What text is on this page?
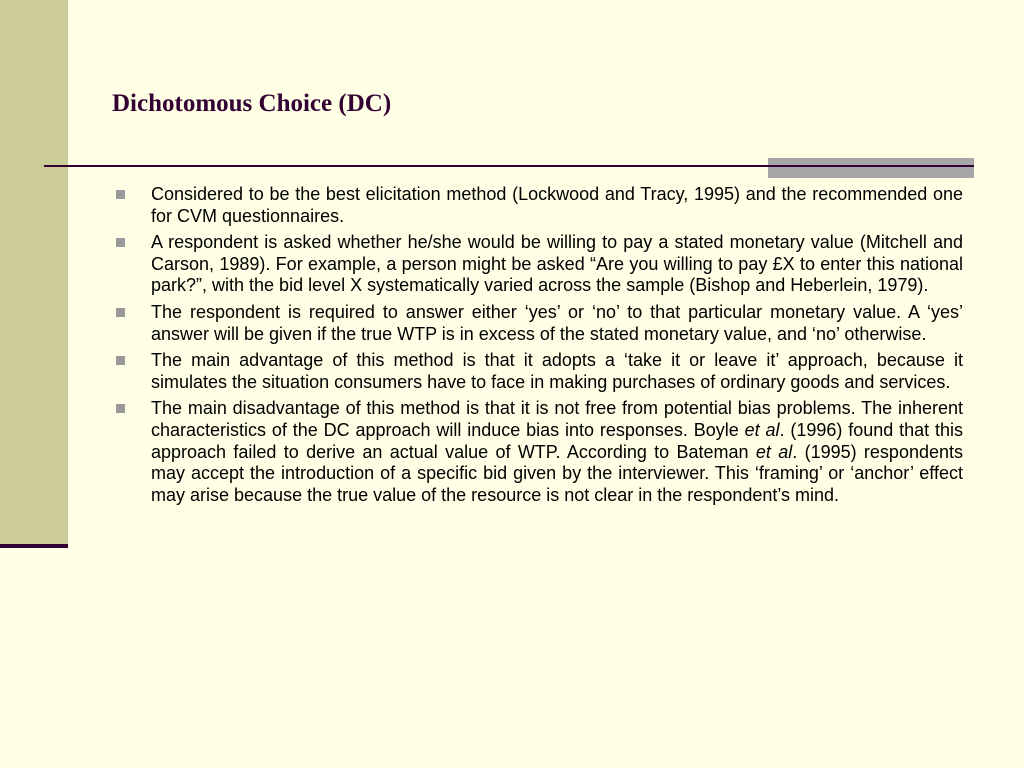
Dichotomous Choice (DC)
Considered to be the best elicitation method (Lockwood and Tracy, 1995) and the recommended one for CVM questionnaires.
A respondent is asked whether he/she would be willing to pay a stated monetary value (Mitchell and Carson, 1989). For example, a person might be asked “Are you willing to pay £X to enter this national park?”, with the bid level X systematically varied across the sample (Bishop and Heberlein, 1979).
The respondent is required to answer either ‘yes’ or ‘no’ to that particular monetary value. A ‘yes’ answer will be given if the true WTP is in excess of the stated monetary value, and ‘no’ otherwise.
The main advantage of this method is that it adopts a ‘take it or leave it’ approach, because it simulates the situation consumers have to face in making purchases of ordinary goods and services.
The main disadvantage of this method is that it is not free from potential bias problems. The inherent characteristics of the DC approach will induce bias into responses. Boyle et al. (1996) found that this approach failed to derive an actual value of WTP. According to Bateman et al. (1995) respondents may accept the introduction of a specific bid given by the interviewer. This ‘framing’ or ‘anchor’ effect may arise because the true value of the resource is not clear in the respondent’s mind.
